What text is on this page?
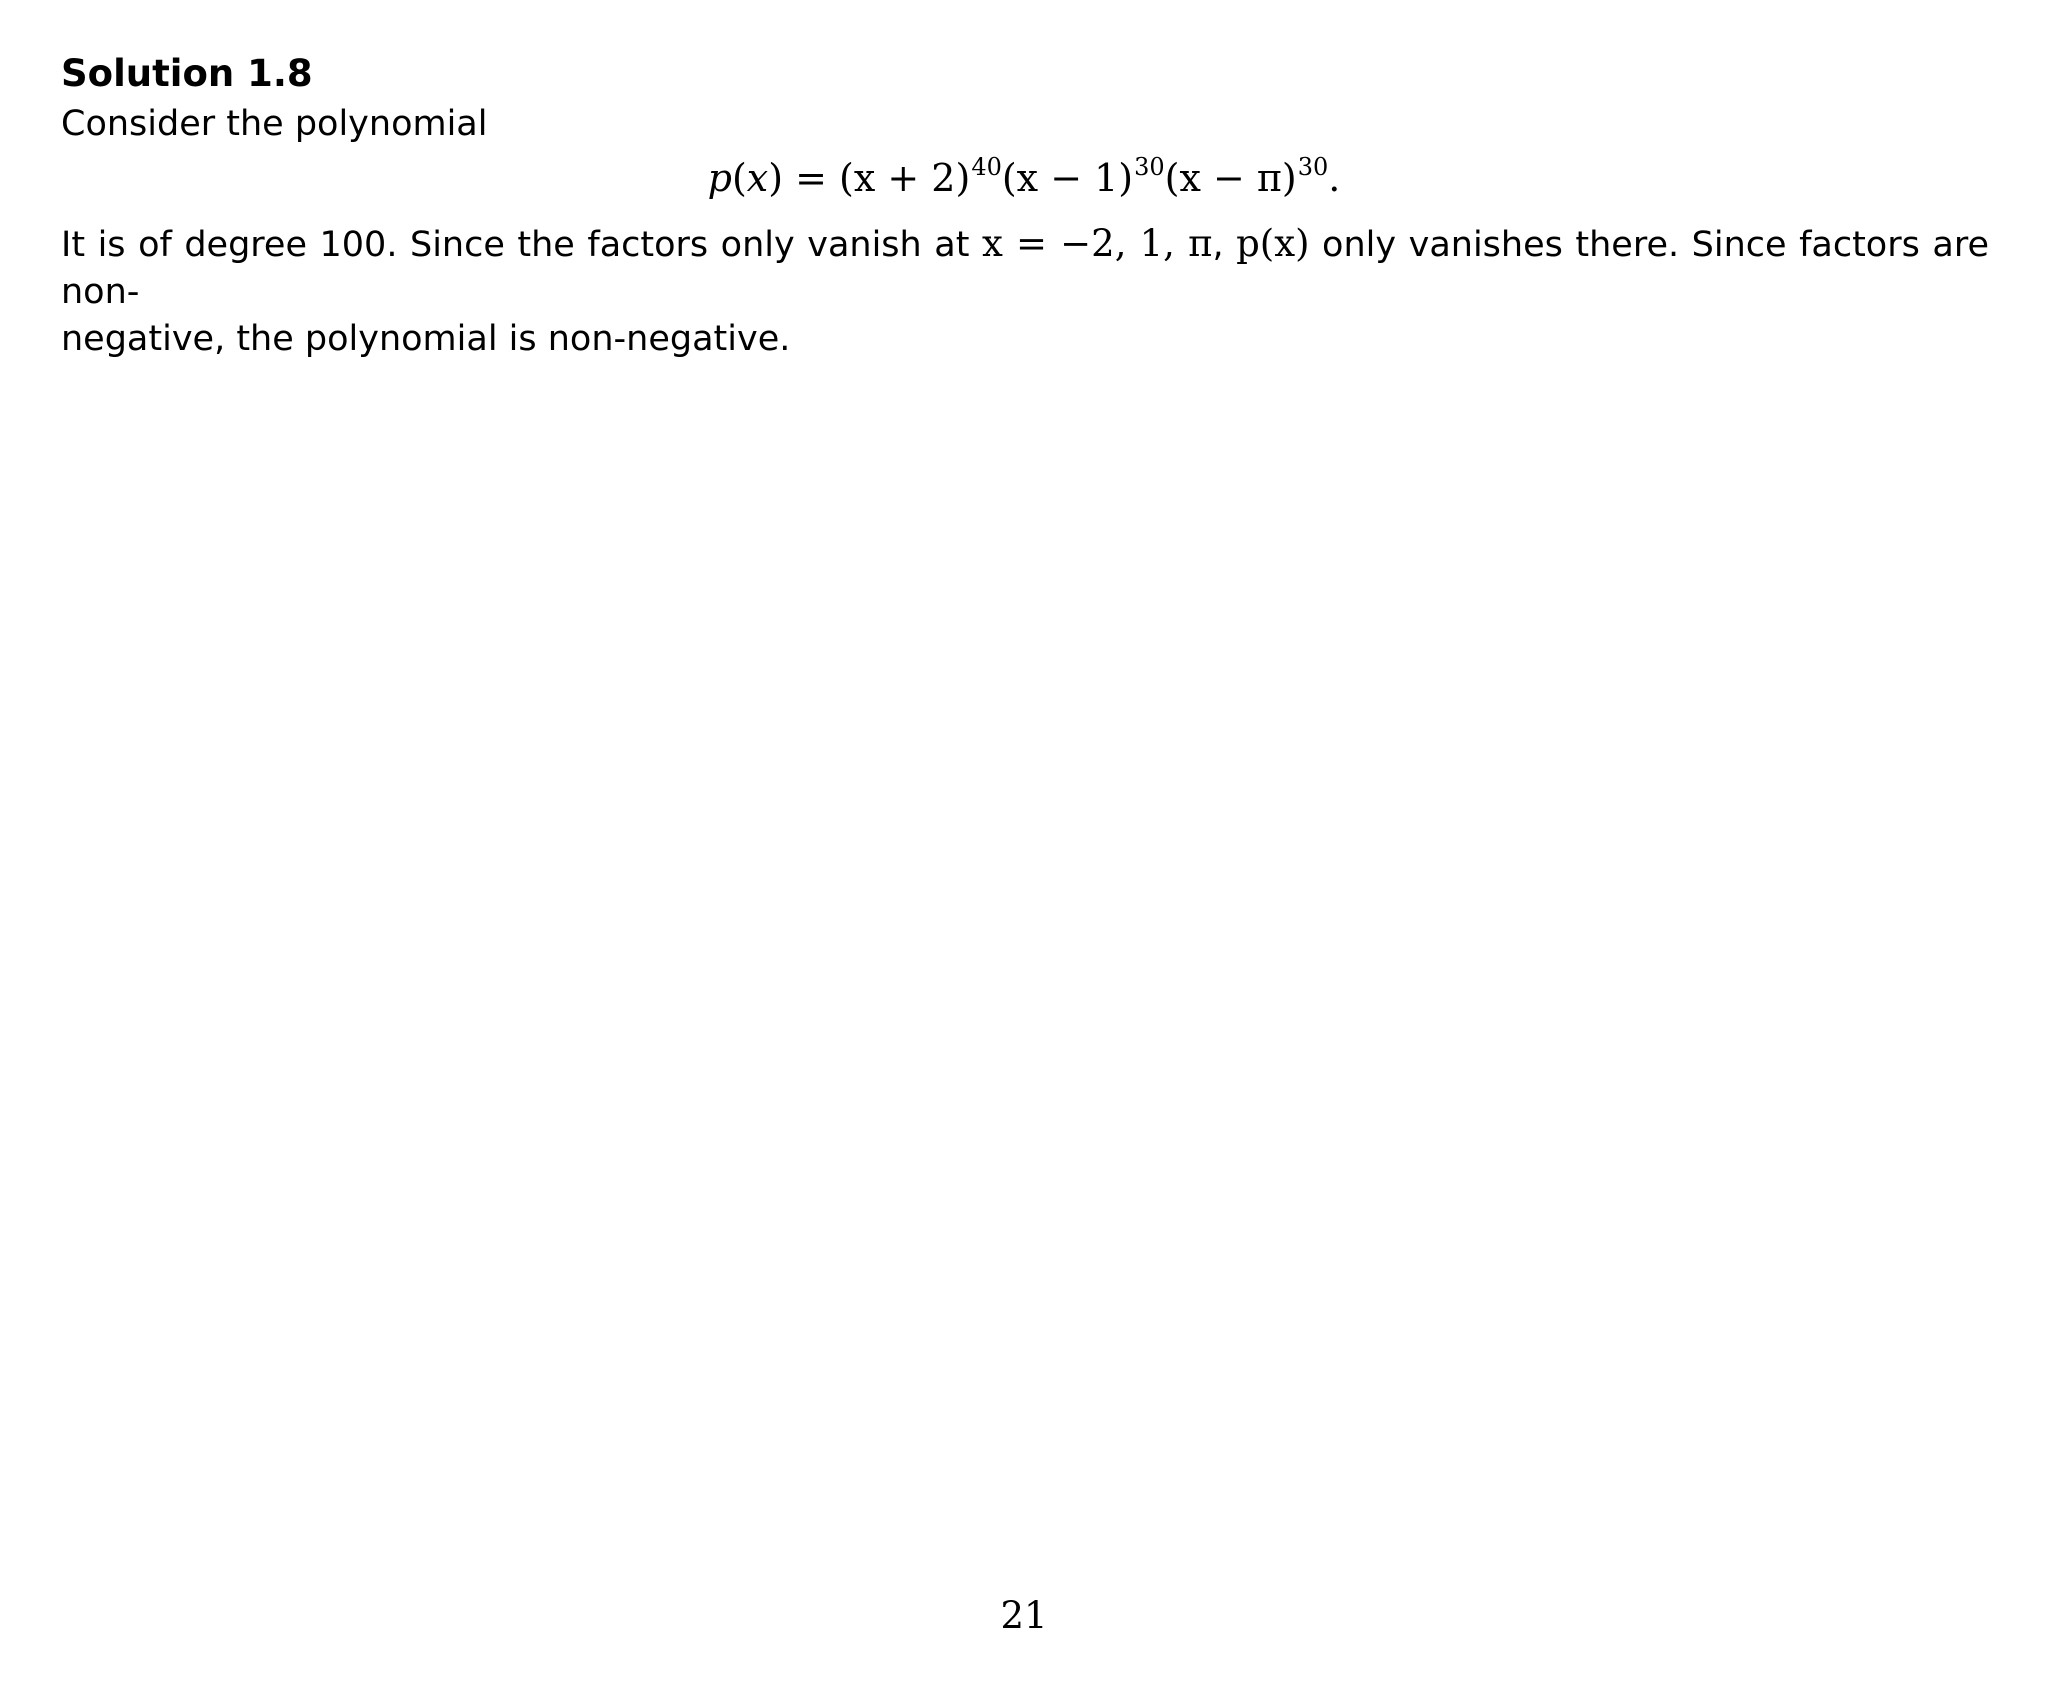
Solution 1.8
Consider the polynomial
$p(x) = (x + 2)^{40}(x - 1)^{30}(x - \pi)^{30}$.
It is of degree 100. Since the factors only vanish at x = −2, 1, π, p(x) only vanishes there. Since factors are non-
negative, the polynomial is non-negative.
21
